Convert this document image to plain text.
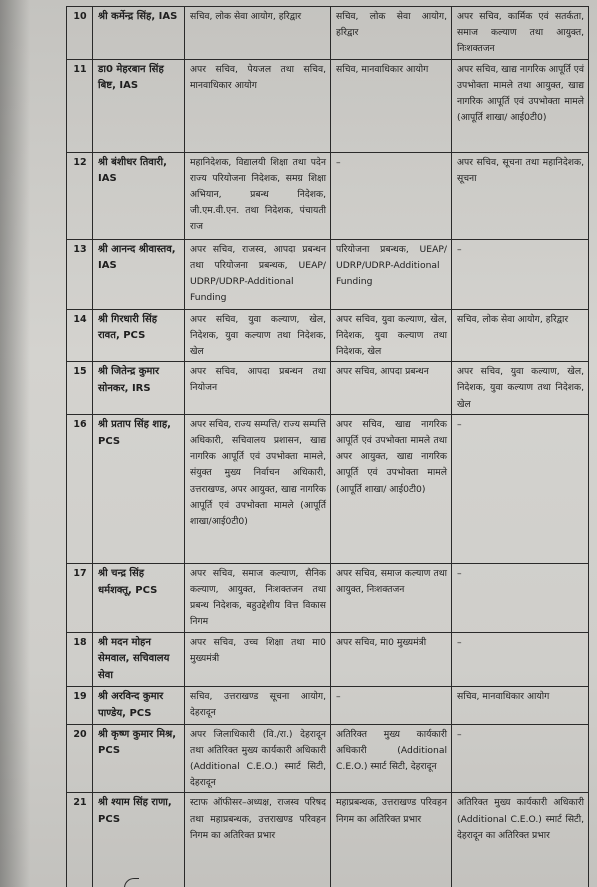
10	श्री कर्मेन्द्र सिंह, IAS	सचिव, लोक सेवा आयोग, हरिद्वार	सचिव, लोक सेवा आयोग, हरिद्वार	अपर सचिव, कार्मिक एवं सतर्कता, समाज कल्याण तथा आयुक्त, निःशक्तजन
11	डा0 मेहरबान सिंह बिष्ट, IAS	अपर सचिव, पेयजल तथा सचिव, मानवाधिकार आयोग	सचिव, मानवाधिकार आयोग	अपर सचिव, खाद्य नागरिक आपूर्ति एवं उपभोक्ता मामले तथा आयुक्त, खाद्य नागरिक आपूर्ति एवं उपभोक्ता मामले (आपूर्ति शाखा/ आई0टी0)
12	श्री बंशीधर तिवारी, IAS	महानिदेशक, विद्यालयी शिक्षा तथा पदेन राज्य परियोजना निदेशक, समग्र शिक्षा अभियान, प्रबन्ध निदेशक, जी.एम.वी.एन. तथा निदेशक, पंचायती राज	–	अपर सचिव, सूचना तथा महानिदेशक, सूचना
13	श्री आनन्द श्रीवास्तव, IAS	अपर सचिव, राजस्व, आपदा प्रबन्धन तथा परियोजना प्रबन्धक, UEAP/ UDRP/UDRP-Additional Funding	परियोजना प्रबन्धक, UEAP/ UDRP/UDRP-Additional Funding	–
14	श्री गिरधारी सिंह रावत, PCS	अपर सचिव, युवा कल्याण, खेल, निदेशक, युवा कल्याण तथा निदेशक, खेल	अपर सचिव, युवा कल्याण, खेल, निदेशक, युवा कल्याण तथा निदेशक, खेल	सचिव, लोक सेवा आयोग, हरिद्वार
15	श्री जितेन्द्र कुमार सोनकर, IRS	अपर सचिव, आपदा प्रबन्धन तथा नियोजन	अपर सचिव, आपदा प्रबन्धन	अपर सचिव, युवा कल्याण, खेल, निदेशक, युवा कल्याण तथा निदेशक, खेल
16	श्री प्रताप सिंह शाह, PCS	अपर सचिव, राज्य सम्पत्ति/ राज्य सम्पत्ति अधिकारी, सचिवालय प्रशासन, खाद्य नागरिक आपूर्ति एवं उपभोक्ता मामले, संयुक्त मुख्य निर्वाचन अधिकारी, उत्तराखण्ड, अपर आयुक्त, खाद्य नागरिक आपूर्ति एवं उपभोक्ता मामले (आपूर्ति शाखा/आई0टी0)	अपर सचिव, खाद्य नागरिक आपूर्ति एवं उपभोक्ता मामले तथा अपर आयुक्त, खाद्य नागरिक आपूर्ति एवं उपभोक्ता मामले (आपूर्ति शाखा/ आई0टी0)	–
17	श्री चन्द्र सिंह धर्मशक्तू, PCS	अपर सचिव, समाज कल्याण, सैनिक कल्याण, आयुक्त, निःशक्तजन तथा प्रबन्ध निदेशक, बहुउद्देशीय वित्त विकास निगम	अपर सचिव, समाज कल्याण तथा आयुक्त, निःशक्तजन	–
18	श्री मदन मोहन सेमवाल, सचिवालय सेवा	अपर सचिव, उच्च शिक्षा तथा मा0 मुख्यमंत्री	अपर सचिव, मा0 मुख्यमंत्री	–
19	श्री अरविन्द कुमार पाण्डेय, PCS	सचिव, उत्तराखण्ड सूचना आयोग, देहरादून	–	सचिव, मानवाधिकार आयोग
20	श्री कृष्ण कुमार मिश्र, PCS	अपर जिलाधिकारी (वि./रा.) देहरादून तथा अतिरिक्त मुख्य कार्यकारी अधिकारी (Additional C.E.O.) स्मार्ट सिटी, देहरादून	अतिरिक्त मुख्य कार्यकारी अधिकारी (Additional C.E.O.) स्मार्ट सिटी, देहरादून	–
21	श्री श्याम सिंह राणा, PCS	स्टाफ ऑफीसर–अध्यक्ष, राजस्व परिषद तथा महाप्रबन्धक, उत्तराखण्ड परिवहन निगम का अतिरिक्त प्रभार	महाप्रबन्धक, उत्तराखण्ड परिवहन निगम का अतिरिक्त प्रभार	अतिरिक्त मुख्य कार्यकारी अधिकारी (Additional C.E.O.) स्मार्ट सिटी, देहरादून का अतिरिक्त प्रभार
